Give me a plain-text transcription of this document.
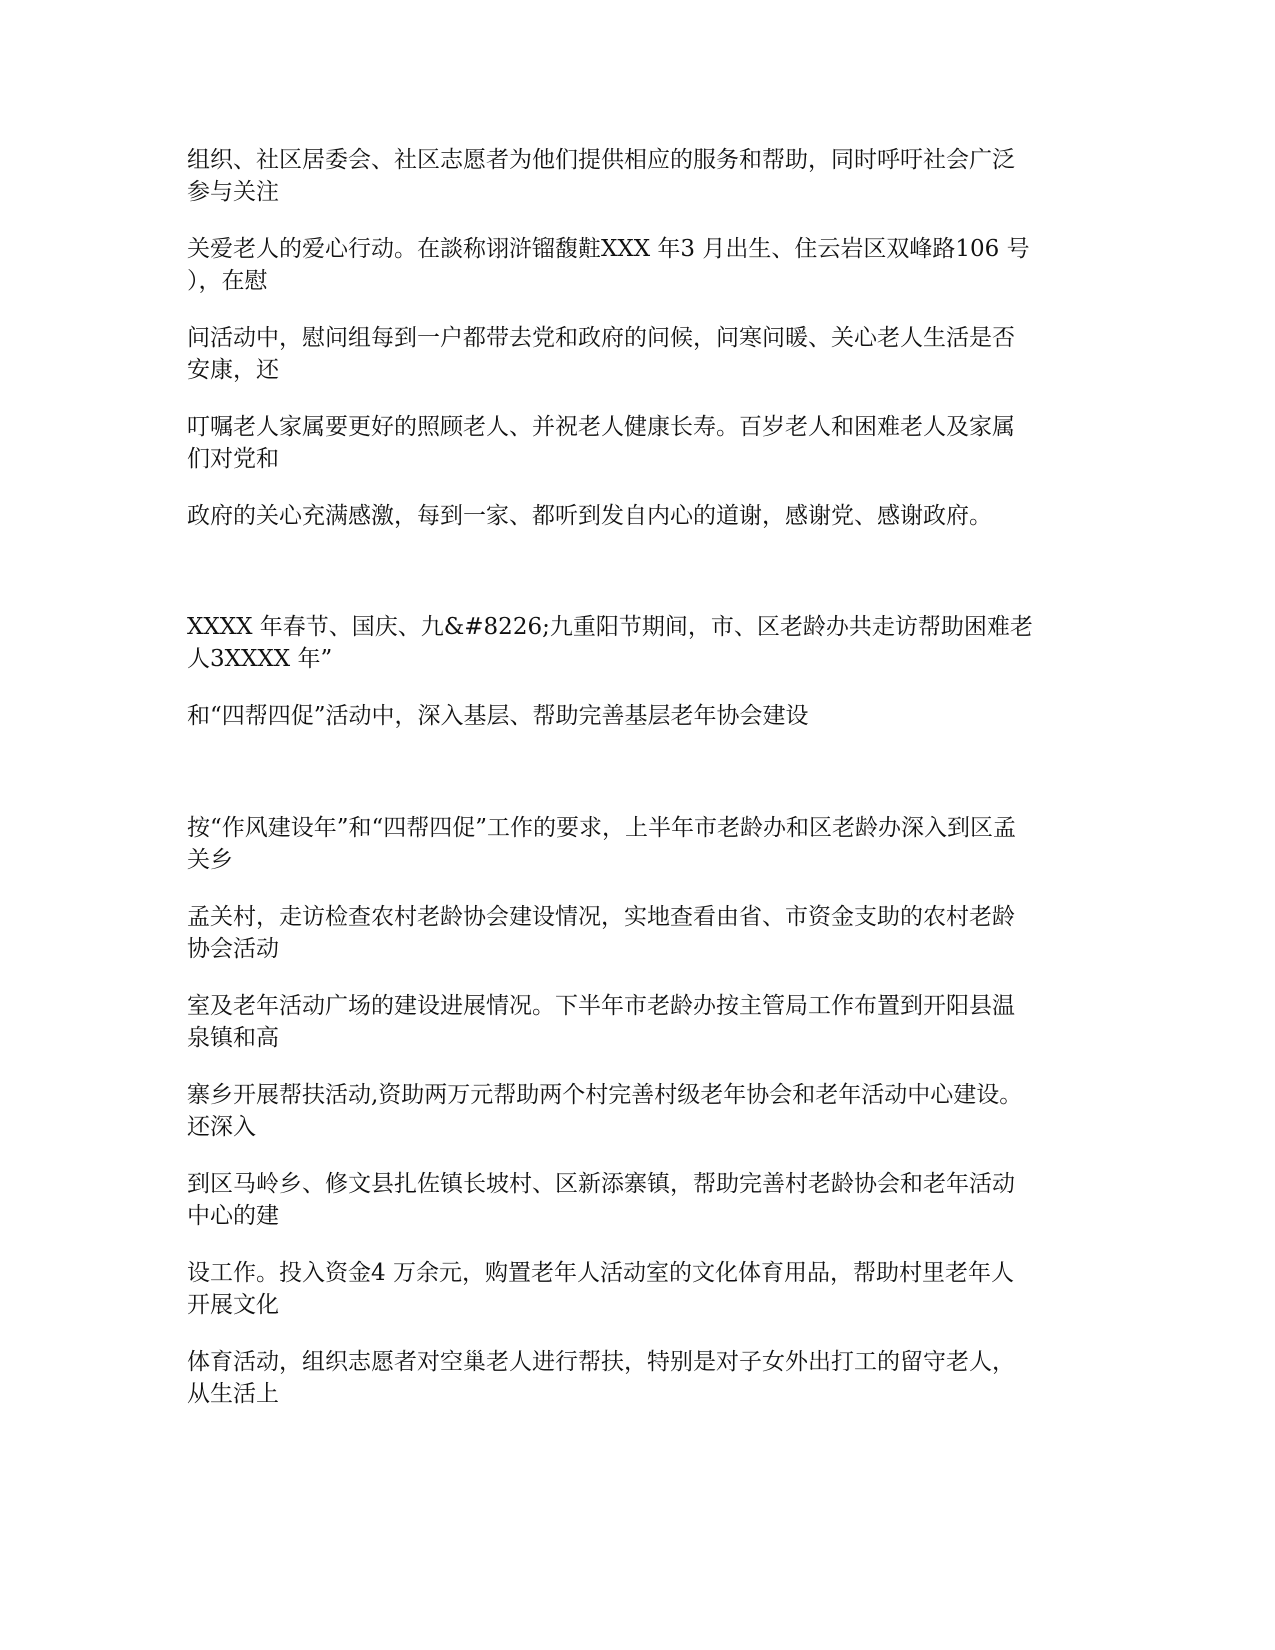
组织、社区居委会、社区志愿者为他们提供相应的服务和帮助，同时呼吁社会广泛
参与关注

关爱老人的爱心行动。在談称诩浒镏馥黈XXX 年3 月出生、住云岩区双峰路106 号
），在慰

问活动中，慰问组每到一户都带去党和政府的问候，问寒问暖、关心老人生活是否
安康，还

叮嘱老人家属要更好的照顾老人、并祝老人健康长寿。百岁老人和困难老人及家属
们对党和

政府的关心充满感激，每到一家、都听到发自内心的道谢，感谢党、感谢政府。

XXXX 年春节、国庆、九&#8226;九重阳节期间，市、区老龄办共走访帮助困难老
人3XXXX 年”

和“四帮四促”活动中，深入基层、帮助完善基层老年协会建设

按“作风建设年”和“四帮四促”工作的要求，上半年市老龄办和区老龄办深入到区孟
关乡

孟关村，走访检查农村老龄协会建设情况，实地查看由省、市资金支助的农村老龄
协会活动

室及老年活动广场的建设进展情况。下半年市老龄办按主管局工作布置到开阳县温
泉镇和高

寨乡开展帮扶活动,资助两万元帮助两个村完善村级老年协会和老年活动中心建设。
还深入

到区马岭乡、修文县扎佐镇长坡村、区新添寨镇，帮助完善村老龄协会和老年活动
中心的建

设工作。投入资金4 万余元，购置老年人活动室的文化体育用品，帮助村里老年人
开展文化

体育活动，组织志愿者对空巢老人进行帮扶，特别是对子女外出打工的留守老人，
从生活上
